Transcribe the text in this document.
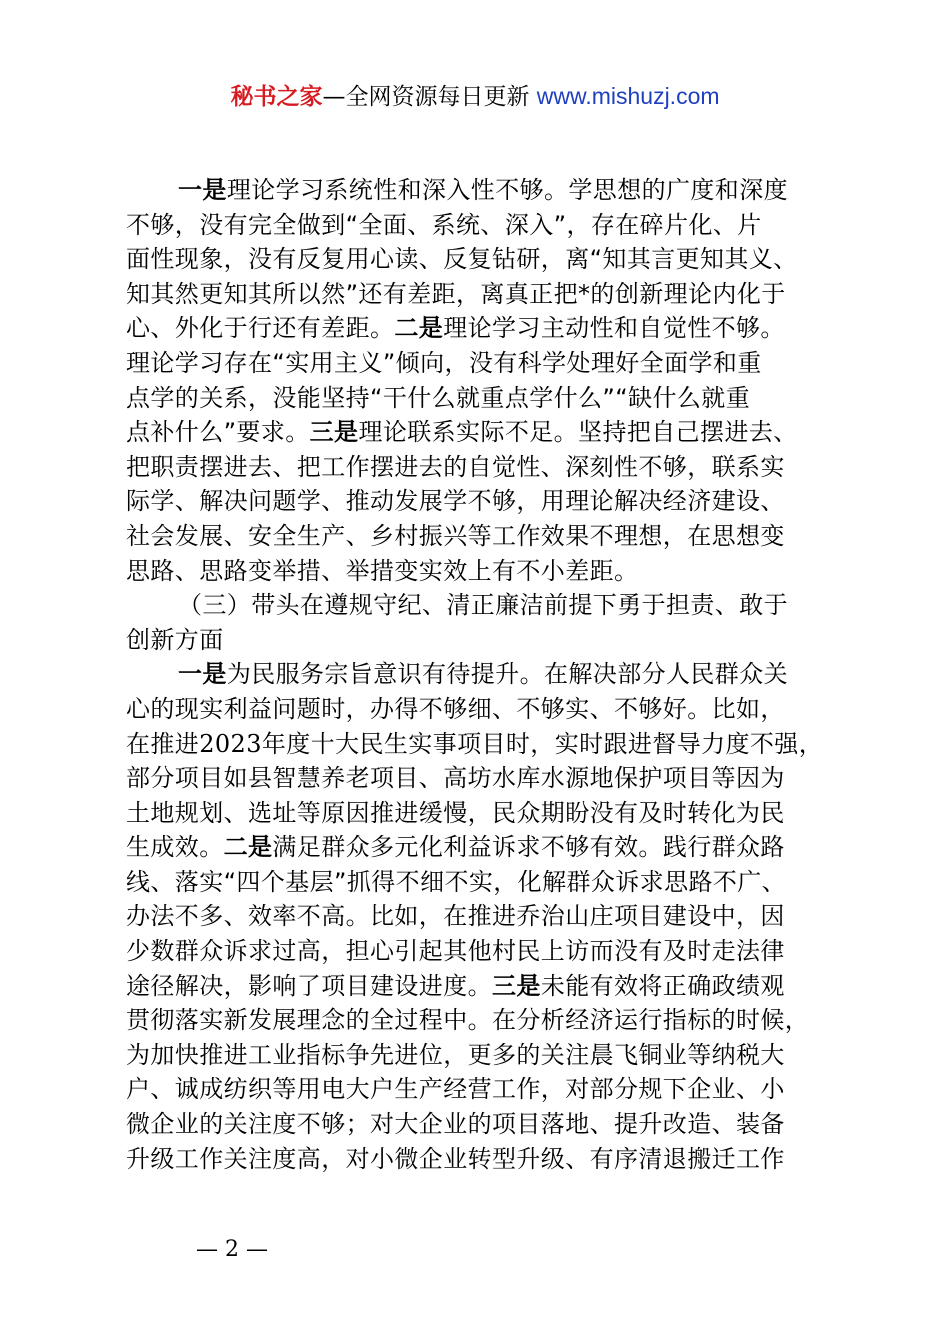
秘书之家—全网资源每日更新 www.mishuzj.com
一是理论学习系统性和深入性不够。学思想的广度和深度
不够，没有完全做到“全面、系统、深入”，存在碎片化、片
面性现象，没有反复用心读、反复钻研，离“知其言更知其义、
知其然更知其所以然”还有差距，离真正把*的创新理论内化于
心、外化于行还有差距。二是理论学习主动性和自觉性不够。
理论学习存在“实用主义”倾向，没有科学处理好全面学和重
点学的关系，没能坚持“干什么就重点学什么”“缺什么就重
点补什么”要求。三是理论联系实际不足。坚持把自己摆进去、
把职责摆进去、把工作摆进去的自觉性、深刻性不够，联系实
际学、解决问题学、推动发展学不够，用理论解决经济建设、
社会发展、安全生产、乡村振兴等工作效果不理想，在思想变
思路、思路变举措、举措变实效上有不小差距。
（三）带头在遵规守纪、清正廉洁前提下勇于担责、敢于
创新方面
一是为民服务宗旨意识有待提升。在解决部分人民群众关
心的现实利益问题时，办得不够细、不够实、不够好。比如，
在推进2023年度十大民生实事项目时，实时跟进督导力度不强，
部分项目如县智慧养老项目、高坊水库水源地保护项目等因为
土地规划、选址等原因推进缓慢，民众期盼没有及时转化为民
生成效。二是满足群众多元化利益诉求不够有效。践行群众路
线、落实“四个基层”抓得不细不实，化解群众诉求思路不广、
办法不多、效率不高。比如，在推进乔治山庄项目建设中，因
少数群众诉求过高，担心引起其他村民上访而没有及时走法律
途径解决，影响了项目建设进度。三是未能有效将正确政绩观
贯彻落实新发展理念的全过程中。在分析经济运行指标的时候，
为加快推进工业指标争先进位，更多的关注晨飞铜业等纳税大
户、诚成纺织等用电大户生产经营工作，对部分规下企业、小
微企业的关注度不够；对大企业的项目落地、提升改造、装备
升级工作关注度高，对小微企业转型升级、有序清退搬迁工作
— 2 —
